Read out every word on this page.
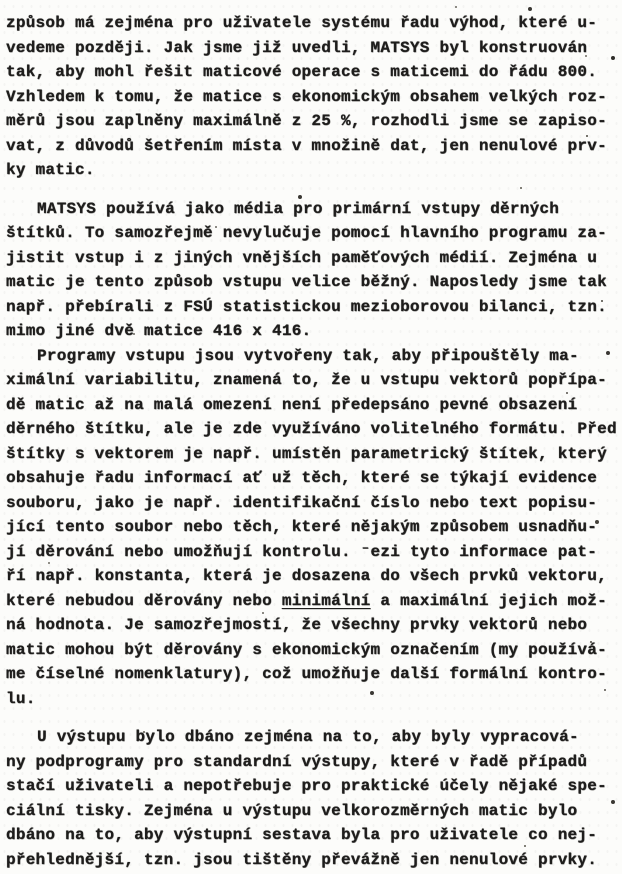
způsob má zejména pro uživatele systému řadu výhod, které u-
vedeme později. Jak jsme již uvedli, MATSYS byl konstruován
tak, aby mohl řešit maticové operace s maticemi do řádu 800.
Vzhledem k tomu, že matice s ekonomickým obsahem velkých roz-
měrů jsou zaplněny maximálně z 25 %, rozhodli jsme se zapiso-
vat, z důvodů šetřením místa v množině dat, jen nenulové prv-
ky matic.
MATSYS používá jako média pro primární vstupy děrných
štítků. To samozřejmě nevylučuje pomocí hlavního programu za-
jistit vstup i z jiných vnějších paměťových médií. Zejména u
matic je tento způsob vstupu velice běžný. Naposledy jsme tak
např. přebírali z FSÚ statistickou mezioborovou bilanci, tzn.
mimo jiné dvě matice 416 x 416.
Programy vstupu jsou vytvořeny tak, aby připouštěly ma-
ximální variabilitu, znamená to, že u vstupu vektorů popřípa-
dě matic až na malá omezení není předepsáno pevné obsazení
děrného štítku, ale je zde využíváno volitelného formátu. Před
štítky s vektorem je např. umístěn parametrický štítek, který
obsahuje řadu informací ať už těch, které se týkají evidence
souboru, jako je např. identifikační číslo nebo text popisu-
jící tento soubor nebo těch, které nějakým způsobem usnadňu-
jí děrování nebo umožňují kontrolu. ⁻ezi tyto informace pat-
ří např. konstanta, která je dosazena do všech prvků vektoru,
které nebudou děrovány nebo minimální a maximální jejich mož-
ná hodnota. Je samozřejmostí, že všechny prvky vektorů nebo
matic mohou být děrovány s ekonomickým označením (my používá-
me číselné nomenklatury), což umožňuje další formální kontro-
lu.
U výstupu bylo dbáno zejména na to, aby byly vypracová-
ny podprogramy pro standardní výstupy, které v řadě případů
stačí uživateli a nepotřebuje pro praktické účely nějaké spe-
ciální tisky. Zejména u výstupu velkorozměrných matic bylo
dbáno na to, aby výstupní sestava byla pro uživatele co nej-
přehlednější, tzn. jsou tištěny převážně jen nenulové prvky.
